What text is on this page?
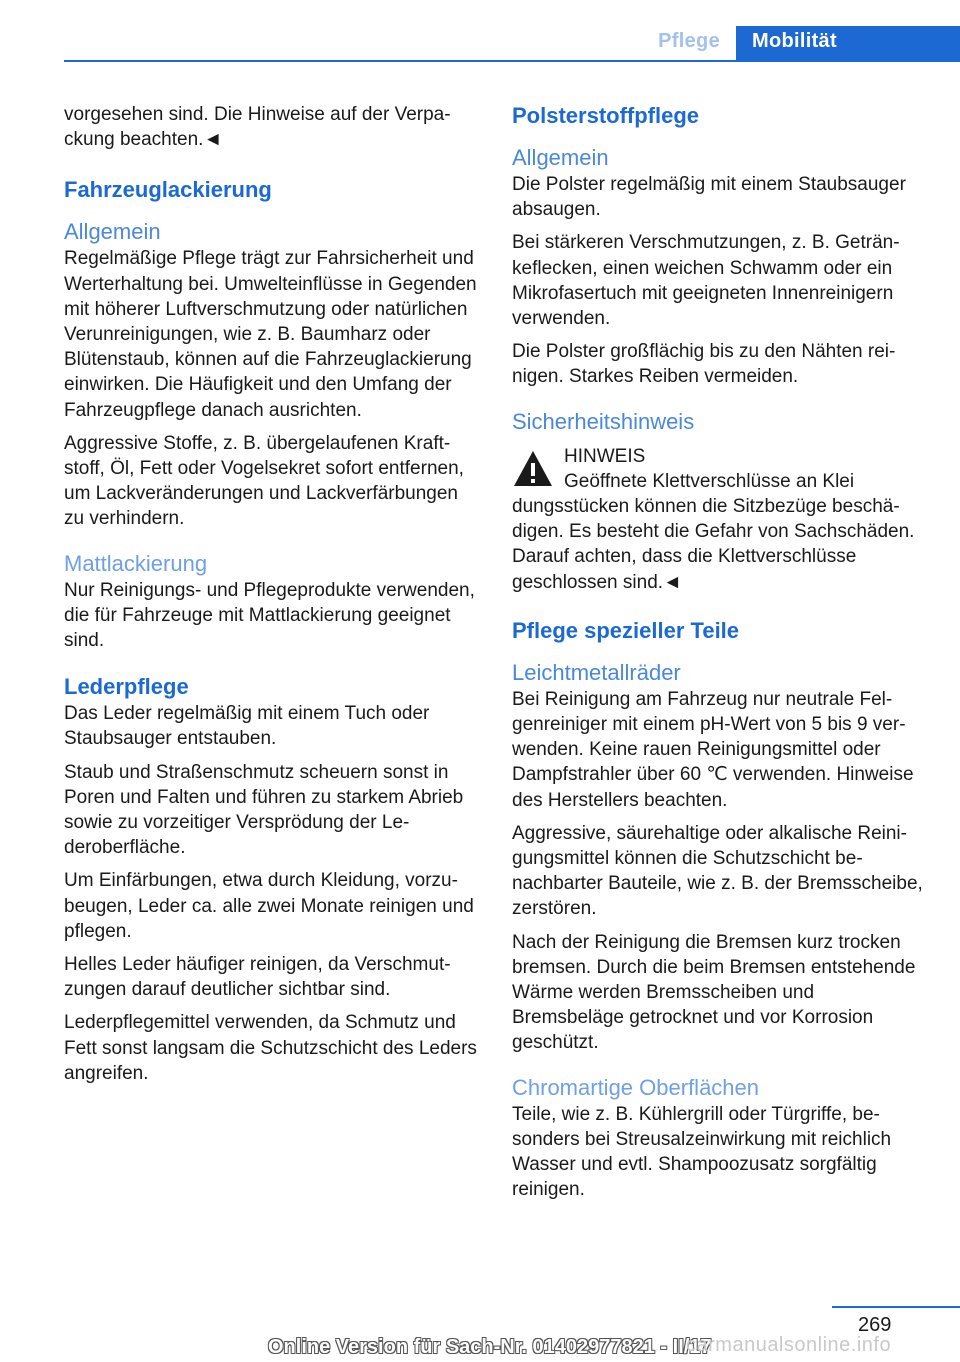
Pflege Mobilität

vorgesehen sind. Die Hinweise auf der Verpackung beachten.◄

Fahrzeuglackierung
Allgemein

Regelmäßige Pflege trägt zur Fahrsicherheit und Werterhaltung bei. Umwelteinflüsse in Gegenden mit höherer Luftverschmutzung oder natürlichen Verunreinigungen, wie z. B. Baumharz oder Blütenstaub, können auf die Fahrzeuglackierung einwirken. Die Häufigkeit und den Umfang der Fahrzeugpflege danach ausrichten.

Aggressive Stoffe, z. B. übergelaufenen Kraftstoff, Öl, Fett oder Vogelsekret sofort entfernen, um Lackveränderungen und Lackverfärbungen zu verhindern.

Mattlackierung

Nur Reinigungs- und Pflegeprodukte verwenden, die für Fahrzeuge mit Mattlackierung geeignet sind.

Lederpflege

Das Leder regelmäßig mit einem Tuch oder Staubsauger entstauben.

Staub und Straßenschmutz scheuern sonst in Poren und Falten und führen zu starkem Abrieb sowie zu vorzeitiger Versprödung der Lederoberfläche.

Um Einfärbungen, etwa durch Kleidung, vorzubeugen, Leder ca. alle zwei Monate reinigen und pflegen.

Helles Leder häufiger reinigen, da Verschmutzungen darauf deutlicher sichtbar sind.

Lederpflegemittel verwenden, da Schmutz und Fett sonst langsam die Schutzschicht des Leders angreifen.

Polsterstoffpflege
Allgemein

Die Polster regelmäßig mit einem Staubsauger absaugen.

Bei stärkeren Verschmutzungen, z. B. Getränkeflecken, einen weichen Schwamm oder ein Mikrofasertuch mit geeigneten Innenreinigern verwenden.

Die Polster großflächig bis zu den Nähten reinigen. Starkes Reiben vermeiden.

Sicherheitshinweis

HINWEIS

Geöffnete Klettverschlüsse an Klei

dungsstücken können die Sitzbezüge beschädigen. Es besteht die Gefahr von Sachschäden. Darauf achten, dass die Klettverschlüsse geschlossen sind.◄

Pflege spezieller Teile
Leichtmetallräder

Bei Reinigung am Fahrzeug nur neutrale Felgenreiniger mit einem pH-Wert von 5 bis 9 verwenden. Keine rauen Reinigungsmittel oder Dampfstrahler über 60 ℃ verwenden. Hinweise des Herstellers beachten.

Aggressive, säurehaltige oder alkalische Reinigungsmittel können die Schutzschicht benachbarter Bauteile, wie z. B. der Bremsscheibe, zerstören.

Nach der Reinigung die Bremsen kurz trocken bremsen. Durch die beim Bremsen entstehende Wärme werden Bremsscheiben und Bremsbeläge getrocknet und vor Korrosion geschützt.

Chromartige Oberflächen

Teile, wie z. B. Kühlergrill oder Türgriffe, besonders bei Streusalzeinwirkung mit reichlich Wasser und evtl. Shampoozusatz sorgfältig reinigen.

269
Online Version für Sach-Nr. 01402977821 - II/17
carmanualsonline.info
